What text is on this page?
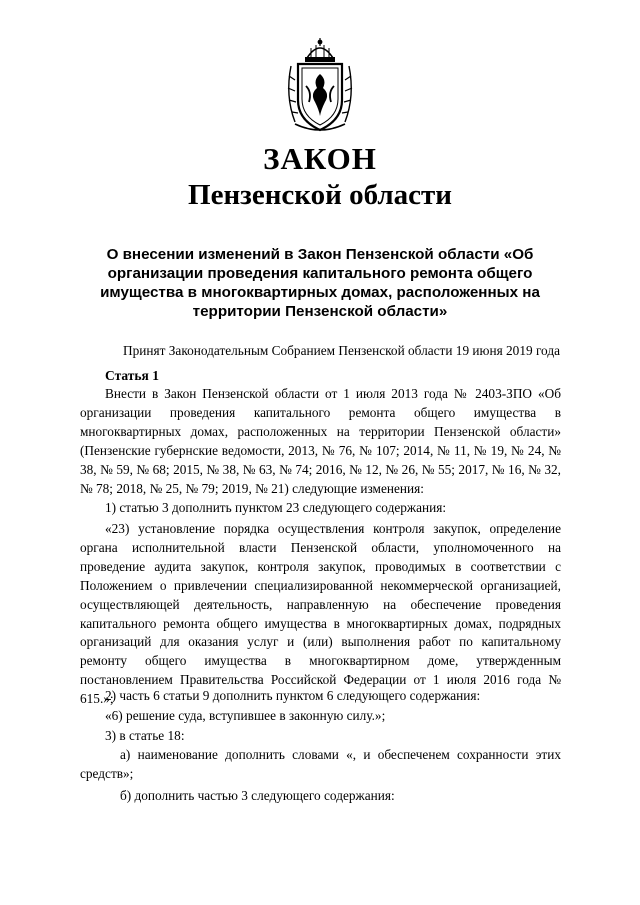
ЗАКОН
Пензенской области
О внесении изменений в Закон Пензенской области «Об организации проведения капитального ремонта общего имущества в многоквартирных домах, расположенных на территории Пензенской области»
Принят Законодательным Собранием Пензенской области 19 июня 2019 года
Статья 1
Внести в Закон Пензенской области от 1 июля 2013 года № 2403-ЗПО «Об организации проведения капитального ремонта общего имущества в многоквартирных домах, расположенных на территории Пензенской области» (Пензенские губернские ведомости, 2013, № 76, № 107; 2014, № 11, № 19, № 24, № 38, № 59, № 68; 2015, № 38, № 63, № 74; 2016, № 12, № 26, № 55; 2017, № 16, № 32, № 78; 2018, № 25, № 79; 2019, № 21) следующие изменения:
1) статью 3 дополнить пунктом 23 следующего содержания:
«23) установление порядка осуществления контроля закупок, определение органа исполнительной власти Пензенской области, уполномоченного на проведение аудита закупок, контроля закупок, проводимых в соответствии с Положением о привлечении специализированной некоммерческой организацией, осуществляющей деятельность, направленную на обеспечение проведения капитального ремонта общего имущества в многоквартирных домах, подрядных организаций для оказания услуг и (или) выполнения работ по капитальному ремонту общего имущества в многоквартирном доме, утвержденным постановлением Правительства Российской Федерации от 1 июля 2016 года № 615.»;
2) часть 6 статьи 9 дополнить пунктом 6 следующего содержания:
«6) решение суда, вступившее в законную силу.»;
3) в статье 18:
а) наименование дополнить словами «, и обеспеченем сохранности этих средств»;
б) дополнить частью 3 следующего содержания:
